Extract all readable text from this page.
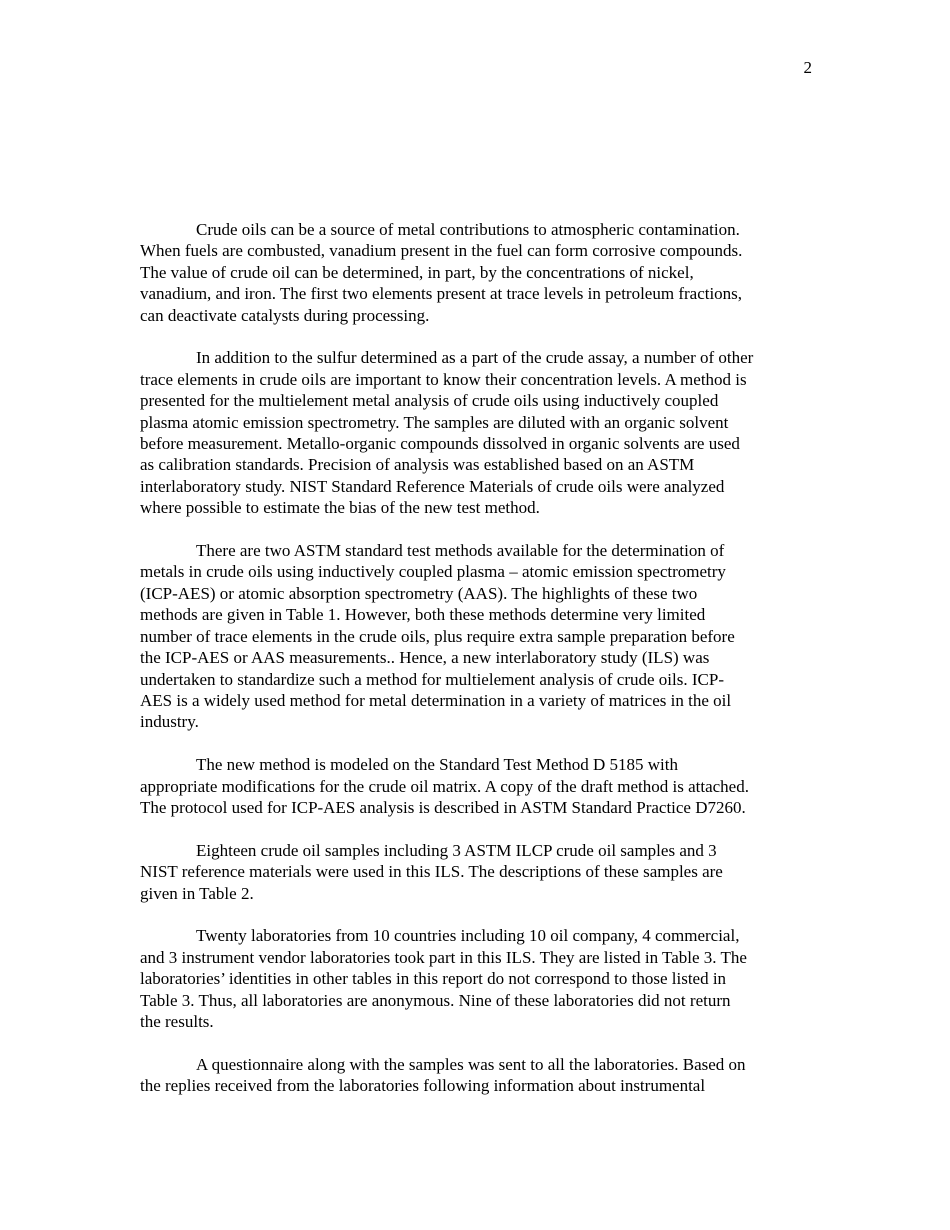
2

Crude oils can be a source of metal contributions to atmospheric contamination.
When fuels are combusted, vanadium present in the fuel can form corrosive compounds.
The value of crude oil can be determined, in part, by the concentrations of nickel,
vanadium, and iron. The first two elements present at trace levels in petroleum fractions,
can deactivate catalysts during processing.

In addition to the sulfur determined as a part of the crude assay, a number of other
trace elements in crude oils are important to know their concentration levels. A method is
presented for the multielement metal analysis of crude oils using inductively coupled
plasma atomic emission spectrometry. The samples are diluted with an organic solvent
before measurement. Metallo-organic compounds dissolved in organic solvents are used
as calibration standards. Precision of analysis was established based on an ASTM
interlaboratory study. NIST Standard Reference Materials of crude oils were analyzed
where possible to estimate the bias of the new test method.

There are two ASTM standard test methods available for the determination of
metals in crude oils using inductively coupled plasma – atomic emission spectrometry
(ICP-AES) or atomic absorption spectrometry (AAS). The highlights of these two
methods are given in Table 1. However, both these methods determine very limited
number of trace elements in the crude oils, plus require extra sample preparation before
the ICP-AES or AAS measurements.. Hence, a new interlaboratory study (ILS) was
undertaken to standardize such a method for multielement analysis of crude oils. ICP-
AES is a widely used method for metal determination in a variety of matrices in the oil
industry.

The new method is modeled on the Standard Test Method D 5185 with
appropriate modifications for the crude oil matrix. A copy of the draft method is attached.
The protocol used for ICP-AES analysis is described in ASTM Standard Practice D7260.

Eighteen crude oil samples including 3 ASTM ILCP crude oil samples and 3
NIST reference materials were used in this ILS. The descriptions of these samples are
given in Table 2.

Twenty laboratories from 10 countries including 10 oil company, 4 commercial,
and 3 instrument vendor laboratories took part in this ILS. They are listed in Table 3. The
laboratories’ identities in other tables in this report do not correspond to those listed in
Table 3. Thus, all laboratories are anonymous. Nine of these laboratories did not return
the results.

A questionnaire along with the samples was sent to all the laboratories. Based on
the replies received from the laboratories following information about instrumental
